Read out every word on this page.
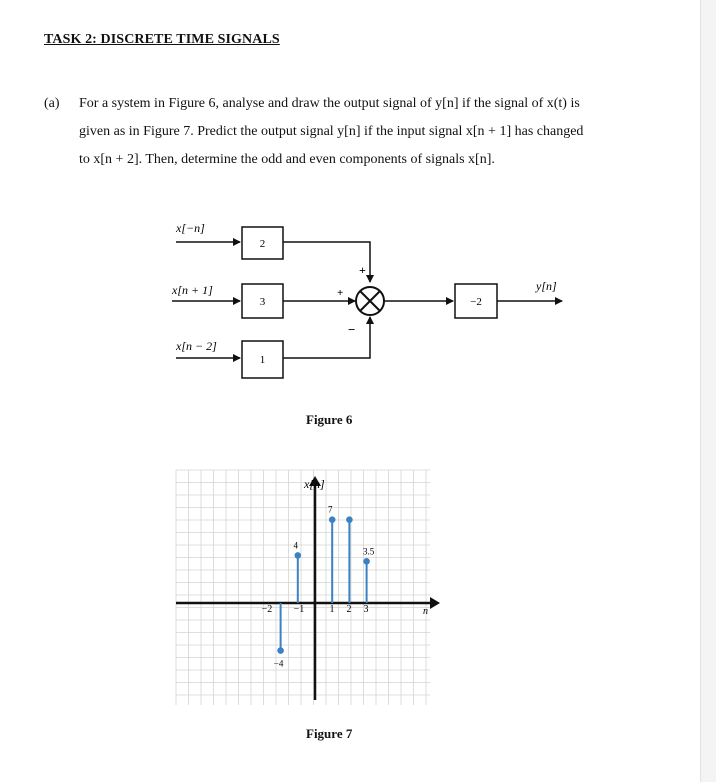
TASK 2: DISCRETE TIME SIGNALS
(a) For a system in Figure 6, analyse and draw the output signal of y[n] if the signal of x(t) is
given as in Figure 7. Predict the output signal y[n] if the input signal x[n + 1] has changed
to x[n + 2]. Then, determine the odd and even components of signals x[n].
x[−n]
2
+
x[n + 1]
3
+
x[n − 2]
1
−
−2
y[n]
Figure 6
x[n]
n
−2 −1	1 2 3
−4
4
7
3.5
Figure 7
